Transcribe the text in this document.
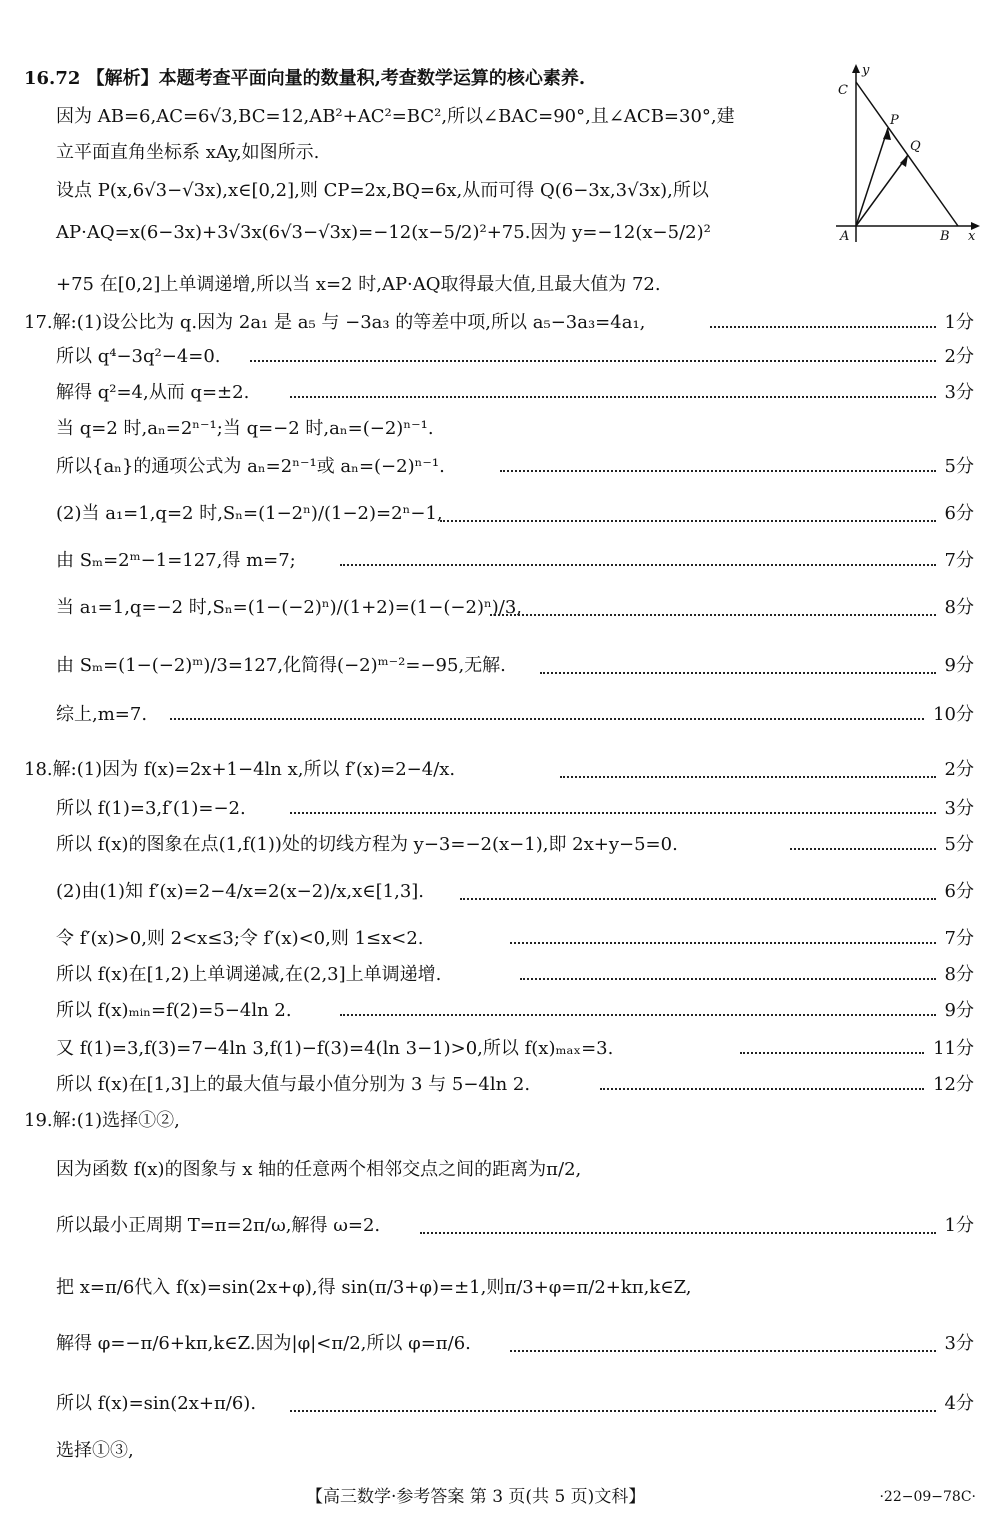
16.72 【解析】本题考查平面向量的数量积,考查数学运算的核心素养.
因为 AB=6,AC=6√3,BC=12,AB²+AC²=BC²,所以∠BAC=90°,且∠ACB=30°,建
立平面直角坐标系 xAy,如图所示.
设点 P(x,6√3−√3x),x∈[0,2],则 CP=2x,BQ=6x,从而可得 Q(6−3x,3√3x),所以
AP·AQ=x(6−3x)+3√3x(6√3−√3x)=−12(x−5/2)²+75.因为 y=−12(x−5/2)²
+75 在[0,2]上单调递增,所以当 x=2 时,AP·AQ取得最大值,且最大值为 72.
17.解:(1)设公比为 q.因为 2a₁ 是 a₅ 与 −3a₃ 的等差中项,所以 a₅−3a₃=4a₁,	1分
所以 q⁴−3q²−4=0.	2分
解得 q²=4,从而 q=±2.	3分
当 q=2 时,aₙ=2ⁿ⁻¹;当 q=−2 时,aₙ=(−2)ⁿ⁻¹.
所以{aₙ}的通项公式为 aₙ=2ⁿ⁻¹或 aₙ=(−2)ⁿ⁻¹.	5分
(2)当 a₁=1,q=2 时,Sₙ=(1−2ⁿ)/(1−2)=2ⁿ−1,	6分
由 Sₘ=2ᵐ−1=127,得 m=7;	7分
当 a₁=1,q=−2 时,Sₙ=(1−(−2)ⁿ)/(1+2)=(1−(−2)ⁿ)/3,	8分
由 Sₘ=(1−(−2)ᵐ)/3=127,化简得(−2)ᵐ⁻²=−95,无解.	9分
综上,m=7.	10分
18.解:(1)因为 f(x)=2x+1−4ln x,所以 f′(x)=2−4/x.	2分
所以 f(1)=3,f′(1)=−2.	3分
所以 f(x)的图象在点(1,f(1))处的切线方程为 y−3=−2(x−1),即 2x+y−5=0.	5分
(2)由(1)知 f′(x)=2−4/x=2(x−2)/x,x∈[1,3].	6分
令 f′(x)>0,则 2<x≤3;令 f′(x)<0,则 1≤x<2.	7分
所以 f(x)在[1,2)上单调递减,在(2,3]上单调递增.	8分
所以 f(x)ₘᵢₙ=f(2)=5−4ln 2.	9分
又 f(1)=3,f(3)=7−4ln 3,f(1)−f(3)=4(ln 3−1)>0,所以 f(x)ₘₐₓ=3.	11分
所以 f(x)在[1,3]上的最大值与最小值分别为 3 与 5−4ln 2.	12分
19.解:(1)选择①②,
因为函数 f(x)的图象与 x 轴的任意两个相邻交点之间的距离为π/2,
所以最小正周期 T=π=2π/ω,解得 ω=2.	1分
把 x=π/6代入 f(x)=sin(2x+φ),得 sin(π/3+φ)=±1,则π/3+φ=π/2+kπ,k∈Z,
解得 φ=−π/6+kπ,k∈Z.因为|φ|<π/2,所以 φ=π/6.	3分
所以 f(x)=sin(2x+π/6).	4分
选择①③,
y
x
C
P
Q
A	B
【高三数学·参考答案 第 3 页(共 5 页)文科】	·22−09−78C·
